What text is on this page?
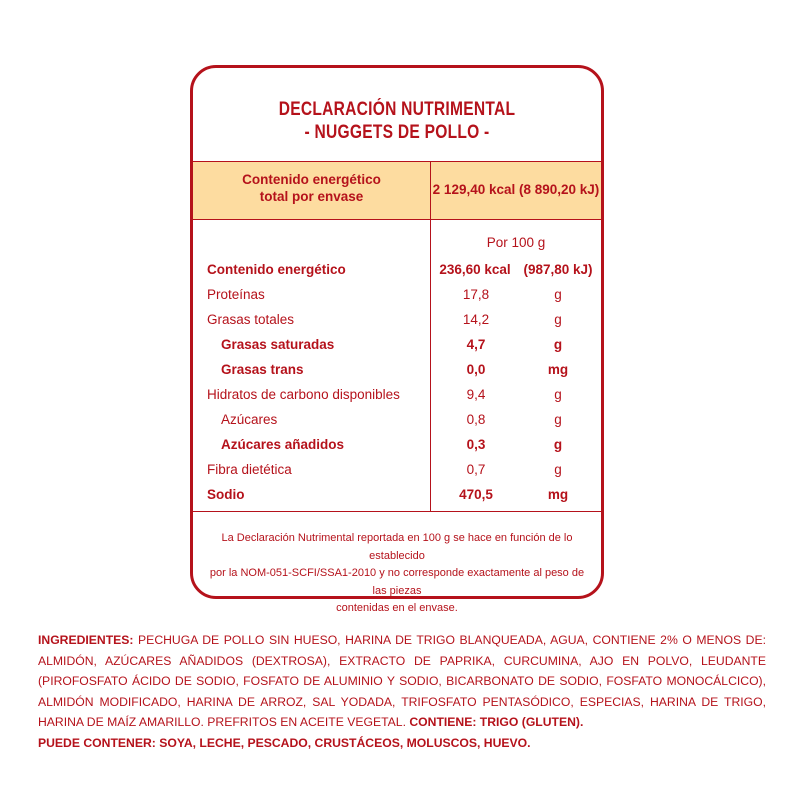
DECLARACIÓN NUTRIMENTAL
- NUGGETS DE POLLO -
Contenido energético
total por envase	2 129,40 kcal (8 890,20 kJ)
Por 100 g
Contenido energético	236,60 kcal (987,80 kJ)
Proteínas	17,8	g
Grasas totales	14,2	g
Grasas saturadas	4,7	g
Grasas trans	0,0	mg
Hidratos de carbono disponibles	9,4	g
Azúcares	0,8	g
Azúcares añadidos	0,3	g
Fibra dietética	0,7	g
Sodio	470,5	mg
La Declaración Nutrimental reportada en 100 g se hace en función de lo establecido
por la NOM-051-SCFI/SSA1-2010 y no corresponde exactamente al peso de las piezas
contenidas en el envase.
INGREDIENTES: PECHUGA DE POLLO SIN HUESO, HARINA DE TRIGO BLANQUEADA, AGUA, CONTIENE 2% O MENOS DE: ALMIDÓN, AZÚCARES AÑADIDOS (DEXTROSA), EXTRACTO DE PAPRIKA, CURCUMINA, AJO EN POLVO, LEUDANTE (PIROFOSFATO ÁCIDO DE SODIO, FOSFATO DE ALUMINIO Y SODIO, BICARBONATO DE SODIO, FOSFATO MONOCÁLCICO), ALMIDÓN MODIFICADO, HARINA DE ARROZ, SAL YODADA, TRIFOSFATO PENTASÓDICO, ESPECIAS, HARINA DE TRIGO, HARINA DE MAÍZ AMARILLO. PREFRITOS EN ACEITE VEGETAL. CONTIENE: TRIGO (GLUTEN).
PUEDE CONTENER: SOYA, LECHE, PESCADO, CRUSTÁCEOS, MOLUSCOS, HUEVO.
